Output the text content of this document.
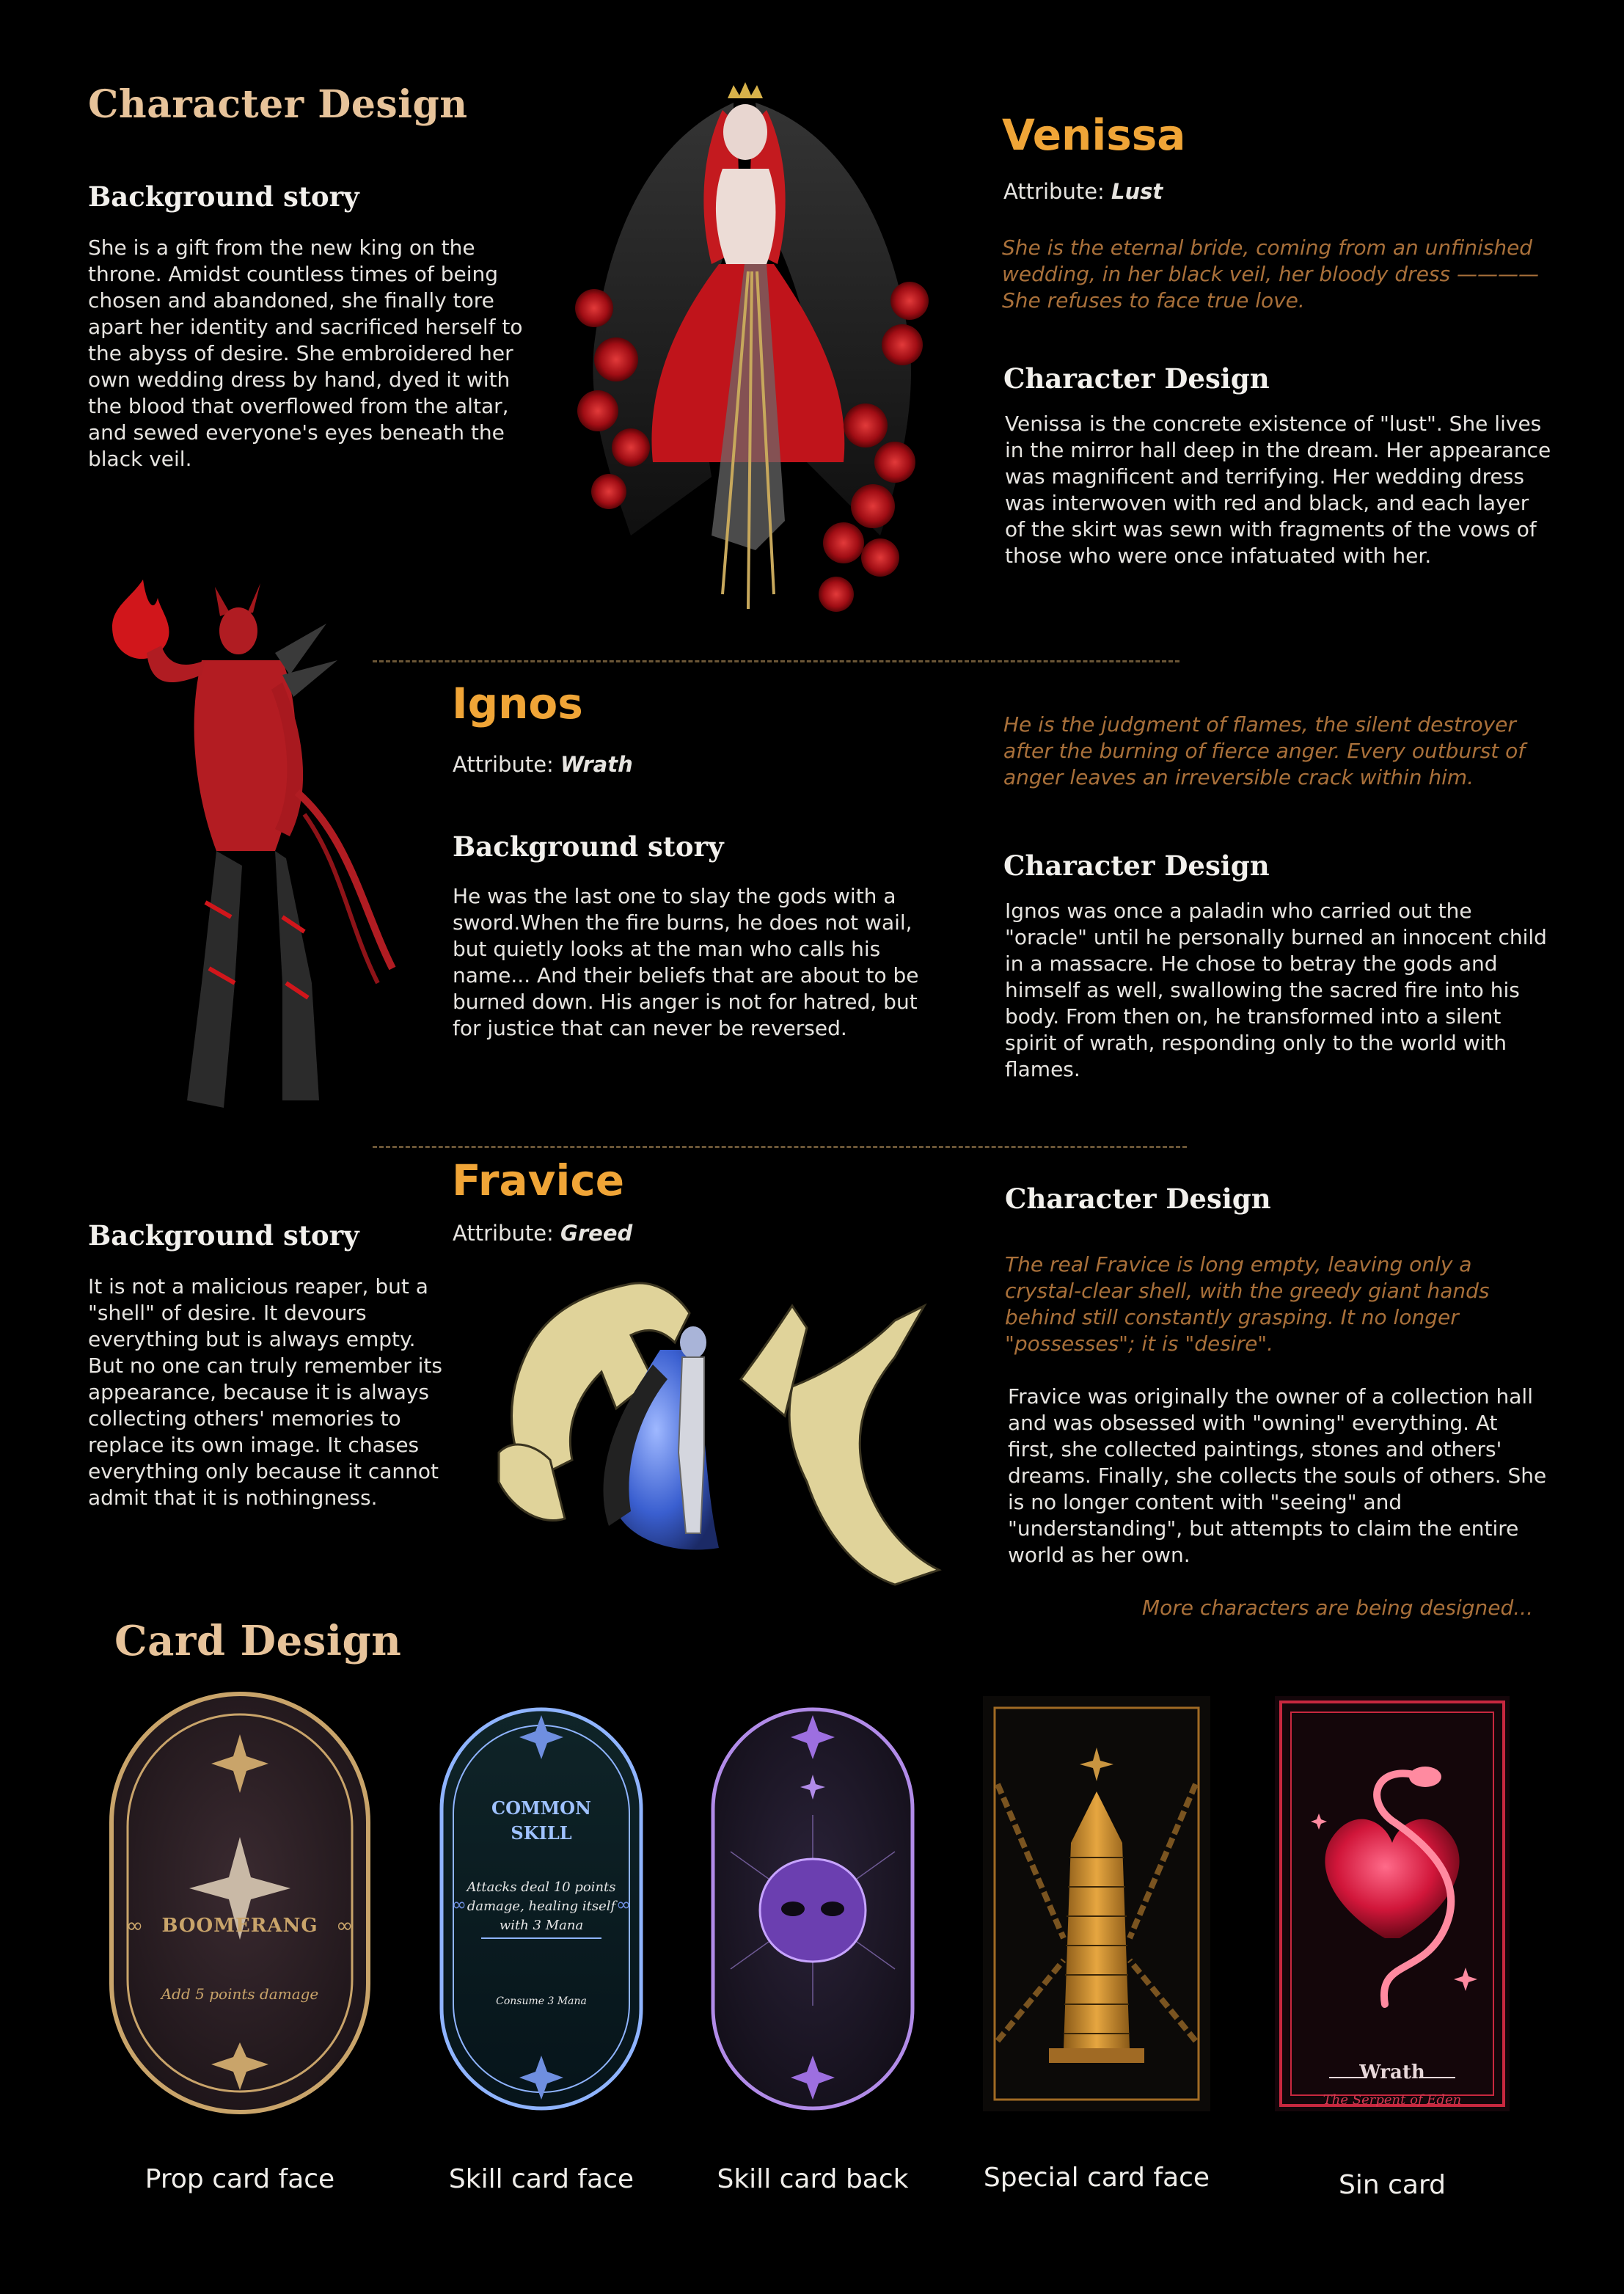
Character Design
Background story
She is a gift from the new king on the throne. Amidst countless times of being chosen and abandoned, she finally tore apart her identity and sacrificed herself to the abyss of desire. She embroidered her own wedding dress by hand, dyed it with the blood that overflowed from the altar, and sewed everyone's eyes beneath the black veil.
Venissa
Attribute: Lust
She is the eternal bride, coming from an unfinished wedding, in her black veil, her bloody dress ———— She refuses to face true love.
Character Design
Venissa is the concrete existence of "lust". She lives in the mirror hall deep in the dream. Her appearance was magnificent and terrifying. Her wedding dress was interwoven with red and black, and each layer of the skirt was sewn with fragments of the vows of those who were once infatuated with her.
Ignos
Attribute: Wrath
Background story
He was the last one to slay the gods with a sword.When the fire burns, he does not wail, but quietly looks at the man who calls his name... And their beliefs that are about to be burned down. His anger is not for hatred, but for justice that can never be reversed.
He is the judgment of flames, the silent destroyer after the burning of fierce anger. Every outburst of anger leaves an irreversible crack within him.
Character Design
Ignos was once a paladin who carried out the "oracle" until he personally burned an innocent child in a massacre. He chose to betray the gods and himself as well, swallowing the sacred fire into his body. From then on, he transformed into a silent spirit of wrath, responding only to the world with flames.
Fravice
Attribute: Greed
Background story
It is not a malicious reaper, but a "shell" of desire. It devours everything but is always empty. But no one can truly remember its appearance, because it is always collecting others' memories to replace its own image. It chases everything only because it cannot admit that it is nothingness.
Character Design
The real Fravice is long empty, leaving only a crystal-clear shell, with the greedy giant hands behind still constantly grasping. It no longer "possesses"; it is "desire".
Fravice was originally the owner of a collection hall and was obsessed with "owning" everything. At first, she collected paintings, stones and others' dreams. Finally, she collects the souls of others. She is no longer content with "seeing" and "understanding", but attempts to claim the entire world as her own.
More characters are being designed...
Card Design
∞	∞
BOOMERANG
Add 5 points damage
Prop card face
∞	∞
COMMON
SKILL
Attacks deal 10 points damage, healing itself with 3 Mana
Consume 3 Mana
Skill card face	Skill card back	Special card face
Wrath
The Serpent of Eden
Sin card
